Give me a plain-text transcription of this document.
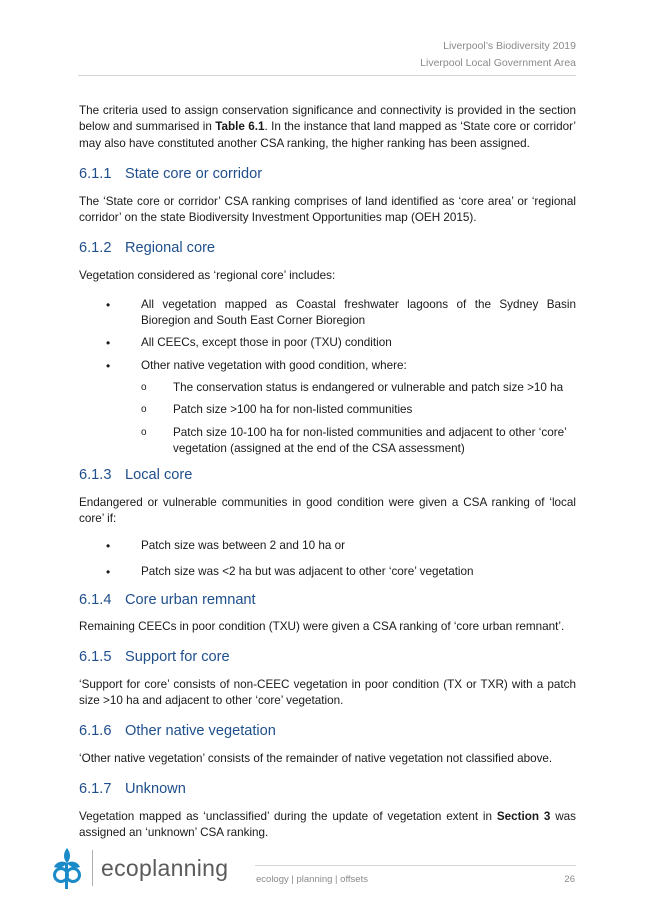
Liverpool’s Biodiversity 2019
Liverpool Local Government Area

The criteria used to assign conservation significance and connectivity is provided in the section below and summarised in Table 6.1. In the instance that land mapped as ‘State core or corridor’ may also have constituted another CSA ranking, the higher ranking has been assigned.

6.1.1 State core or corridor

The ‘State core or corridor’ CSA ranking comprises of land identified as ‘core area’ or ‘regional corridor’ on the state Biodiversity Investment Opportunities map (OEH 2015).

6.1.2 Regional core

Vegetation considered as ‘regional core’ includes:

•	All vegetation mapped as Coastal freshwater lagoons of the Sydney Basin Bioregion and South East Corner Bioregion
•	All CEECs, except those in poor (TXU) condition
•	Other native vegetation with good condition, where:
o The conservation status is endangered or vulnerable and patch size >10 ha
o Patch size >100 ha for non-listed communities
o Patch size 10-100 ha for non-listed communities and adjacent to other ‘core’ vegetation (assigned at the end of the CSA assessment)
6.1.3 Local core

Endangered or vulnerable communities in good condition were given a CSA ranking of ‘local core’ if:

•	Patch size was between 2 and 10 ha or
•	Patch size was <2 ha but was adjacent to other ‘core’ vegetation
6.1.4 Core urban remnant

Remaining CEECs in poor condition (TXU) were given a CSA ranking of ‘core urban remnant’.

6.1.5 Support for core

‘Support for core’ consists of non-CEEC vegetation in poor condition (TX or TXR) with a patch size >10 ha and adjacent to other ‘core’ vegetation.

6.1.6 Other native vegetation

‘Other native vegetation’ consists of the remainder of native vegetation not classified above.

6.1.7 Unknown

Vegetation mapped as ‘unclassified’ during the update of vegetation extent in Section 3 was assigned an ‘unknown’ CSA ranking.

ecoplanning	ecology | planning | offsets	26
